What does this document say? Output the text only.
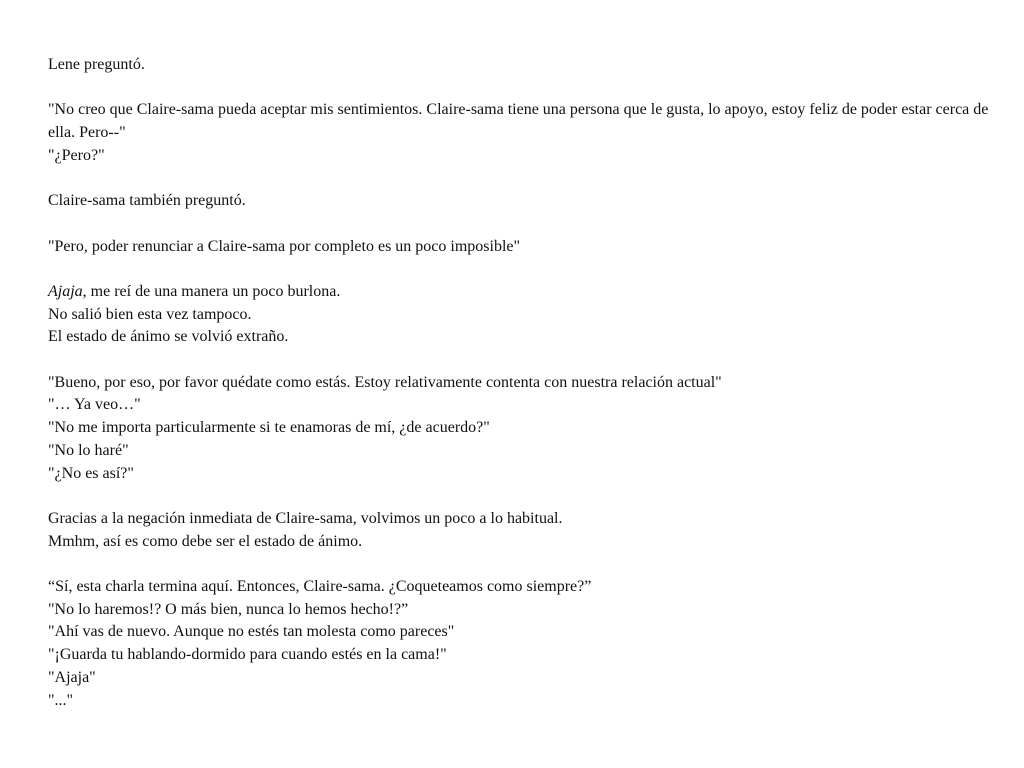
Lene preguntó.
"No creo que Claire-sama pueda aceptar mis sentimientos. Claire-sama tiene una persona que le gusta, lo apoyo, estoy feliz de poder estar cerca de ella. Pero--"
"¿Pero?"
Claire-sama también preguntó.
"Pero, poder renunciar a Claire-sama por completo es un poco imposible"
Ajaja, me reí de una manera un poco burlona.
No salió bien esta vez tampoco.
El estado de ánimo se volvió extraño.
"Bueno, por eso, por favor quédate como estás. Estoy relativamente contenta con nuestra relación actual"
"… Ya veo…"
"No me importa particularmente si te enamoras de mí, ¿de acuerdo?"
"No lo haré"
"¿No es así?"
Gracias a la negación inmediata de Claire-sama, volvimos un poco a lo habitual.
Mmhm, así es como debe ser el estado de ánimo.
“Sí, esta charla termina aquí. Entonces, Claire-sama. ¿Coqueteamos como siempre?”
"No lo haremos!? O más bien, nunca lo hemos hecho!?”
"Ahí vas de nuevo. Aunque no estés tan molesta como pareces"
"¡Guarda tu hablando-dormido para cuando estés en la cama!"
"Ajaja"
"..."
